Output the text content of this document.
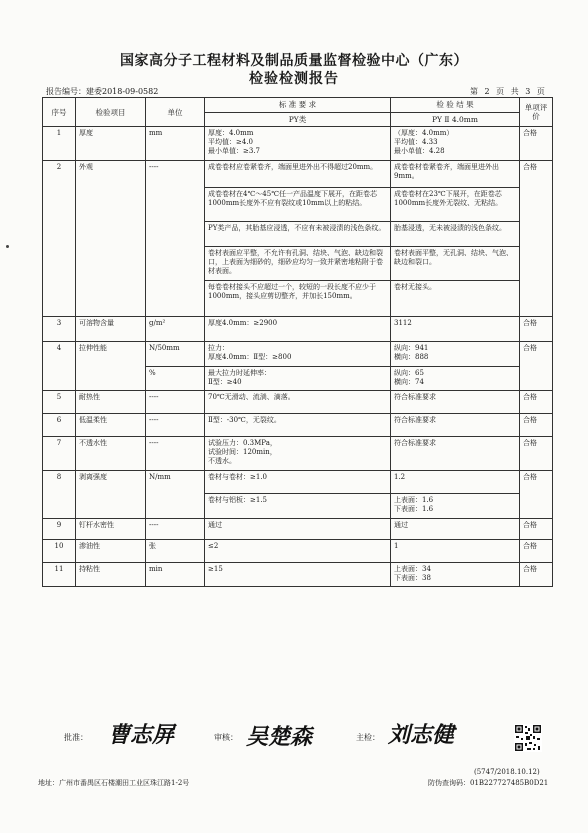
国家高分子工程材料及制品质量监督检验中心（广东）
检验检测报告
报告编号：建委2018-09-0582	第 2 页 共 3 页
序号	检验项目	单位	标 准 要 求	检 验 结 果	单项评价
			PY类	PY Ⅱ 4.0mm	
1	厚度	mm	厚度：4.0mm
平均值：≥4.0
最小单值：≥3.7	（厚度：4.0mm）
平均值：4.33
最小单值：4.28	合格
2	外观	----	成卷卷材应卷紧卷齐，端面里进外出不得超过20mm。	成卷卷材卷紧卷齐，端面里进外出9mm。	合格
			成卷卷材在4℃～45℃任一产品温度下展开，在距卷芯1000mm长度外不应有裂纹或10mm以上的粘结。	成卷卷材在23℃下展开，在距卷芯1000mm长度外无裂纹、无粘结。	
			PY类产品，其胎基应浸透，不应有未被浸渍的浅色条纹。	胎基浸透，无未被浸渍的浅色条纹。	
			卷材表面应平整，不允许有孔洞、结块、气泡、缺边和裂口，上表面为细砂的，细砂应均匀一致并紧密地粘附于卷材表面。	卷材表面平整，无孔洞、结块、气泡、缺边和裂口。	
			每卷卷材接头不应超过一个，较短的一段长度不应少于1000mm，接头应剪切整齐，并加长150mm。	卷材无接头。	
3	可溶物含量	g/m²	厚度4.0mm：≥2900	3112	合格
4	拉伸性能	N/50mm	拉力：
厚度4.0mm：Ⅱ型：≥800	纵向：941
横向：888	合格
		%	最大拉力时延伸率：
Ⅱ型：≥40	纵向：65
横向：74	
5	耐热性	----	70℃无滑动、流淌、滴落。	符合标准要求	合格
6	低温柔性	----	Ⅱ型：-30℃，无裂纹。	符合标准要求	合格
7	不透水性	----	试验压力：0.3MPa，
试验时间：120min，
不透水。	符合标准要求	合格
8	剥离强度	N/mm	卷材与卷材：≥1.0	1.2	合格
			卷材与铝板：≥1.5	上表面：1.6
下表面：1.6	
9	钉杆水密性	----	通过	通过	合格
10	渗油性	张	≤2	1	合格
11	持粘性	min	≥15	上表面：34
下表面：38	合格
批准： 曹志屏	审核： 吴楚森	主检： 刘志健
(5747/2018.10.12)
地址：广州市番禺区石楼潮田工业区珠江路1-2号	防伪查询码：01B227727485B0D21
